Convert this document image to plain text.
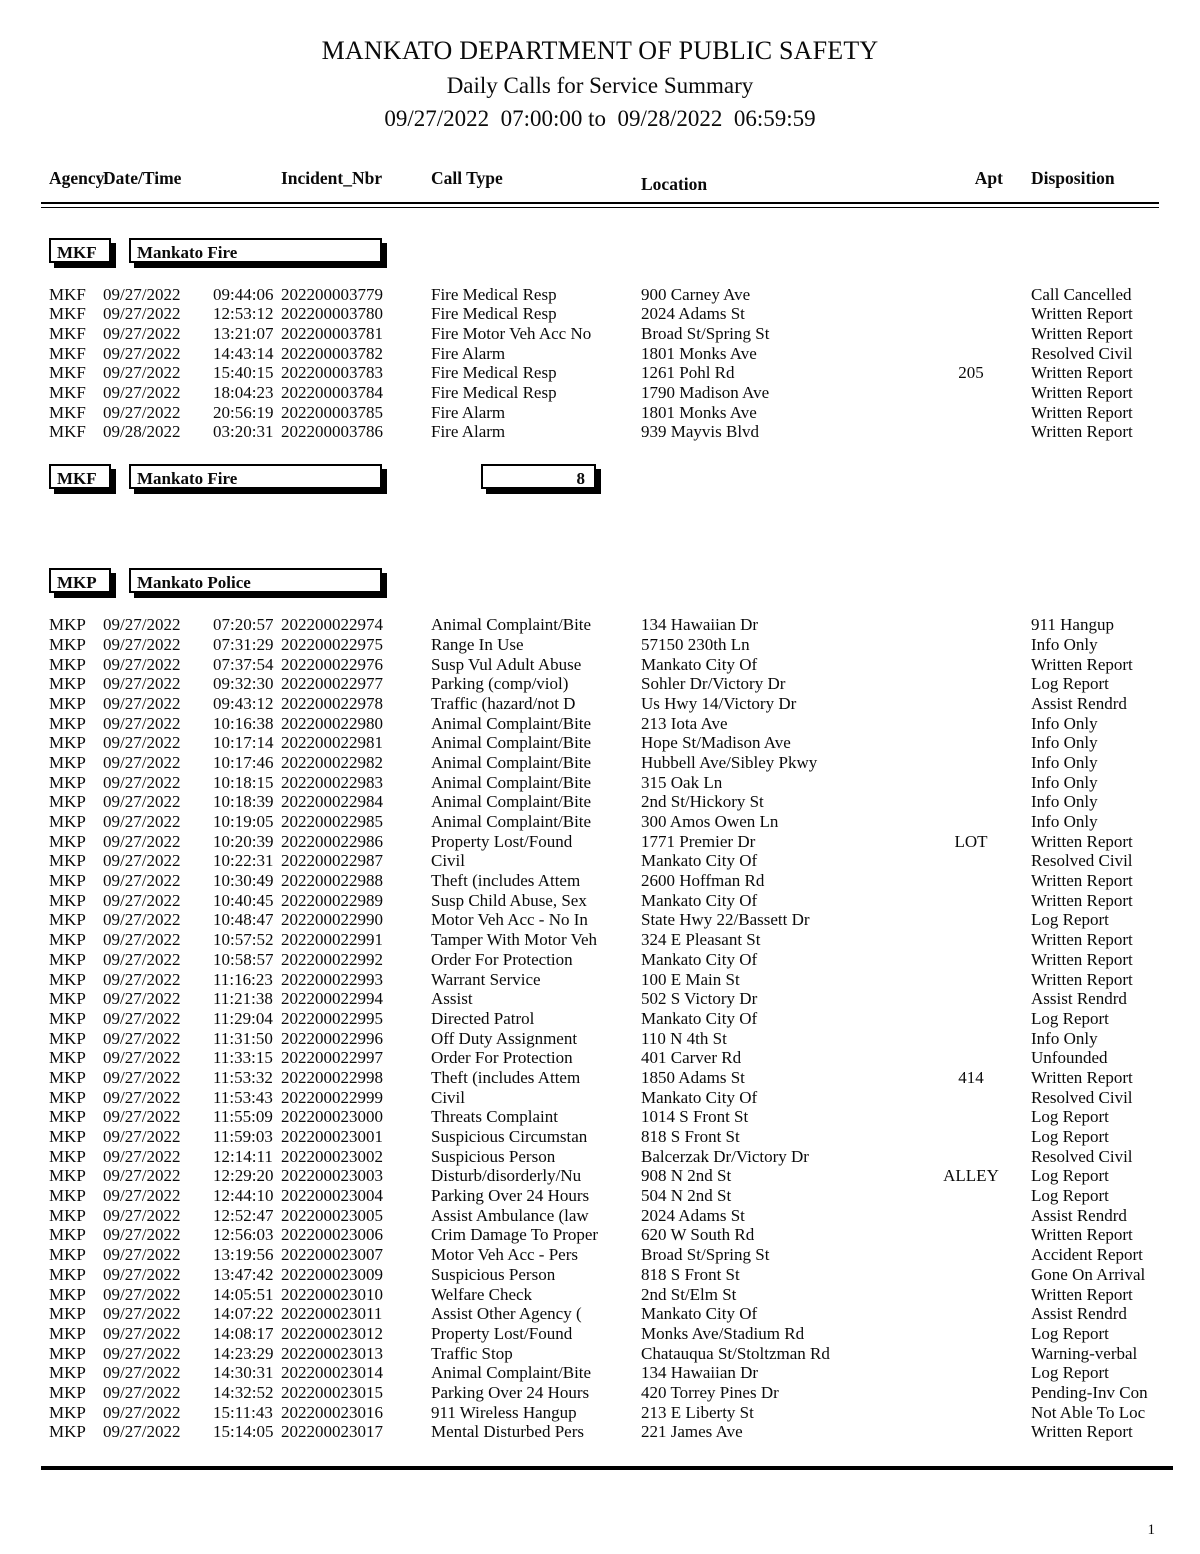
MANKATO DEPARTMENT OF PUBLIC SAFETY
Daily Calls for Service Summary
09/27/2022  07:00:00 to  09/28/2022  06:59:59
Agency
Date/Time	Incident_Nbr	Call Type	Location	Apt Disposition
MKF	Mankato Fire
MKF 09/27/2022 09:44:06 202200003779	Fire Medical Resp	900 Carney Ave	Call Cancelled
MKF 09/27/2022 12:53:12 202200003780	Fire Medical Resp	2024 Adams St	Written Report
MKF 09/27/2022 13:21:07 202200003781	Fire Motor Veh Acc No	Broad St/Spring St	Written Report
MKF 09/27/2022 14:43:14 202200003782	Fire Alarm	1801 Monks Ave	Resolved Civil
MKF 09/27/2022 15:40:15 202200003783	Fire Medical Resp	1261 Pohl Rd	205	Written Report
MKF 09/27/2022 18:04:23 202200003784	Fire Medical Resp	1790 Madison Ave	Written Report
MKF 09/27/2022 20:56:19 202200003785	Fire Alarm	1801 Monks Ave	Written Report
MKF 09/28/2022 03:20:31 202200003786	Fire Alarm	939 Mayvis Blvd	Written Report
MKF	Mankato Fire	8
MKP	Mankato Police
MKP 09/27/2022 07:20:57 202200022974	Animal Complaint/Bite	134 Hawaiian Dr	911 Hangup
MKP 09/27/2022 07:31:29 202200022975	Range In Use	57150 230th Ln	Info Only
MKP 09/27/2022 07:37:54 202200022976	Susp Vul Adult Abuse	Mankato City Of	Written Report
MKP 09/27/2022 09:32:30 202200022977	Parking (comp/viol)	Sohler Dr/Victory Dr	Log Report
MKP 09/27/2022 09:43:12 202200022978	Traffic (hazard/not D	Us Hwy 14/Victory Dr	Assist Rendrd
MKP 09/27/2022 10:16:38 202200022980	Animal Complaint/Bite	213 Iota Ave	Info Only
MKP 09/27/2022 10:17:14 202200022981	Animal Complaint/Bite	Hope St/Madison Ave	Info Only
MKP 09/27/2022 10:17:46 202200022982	Animal Complaint/Bite	Hubbell Ave/Sibley Pkwy	Info Only
MKP 09/27/2022 10:18:15 202200022983	Animal Complaint/Bite	315 Oak Ln	Info Only
MKP 09/27/2022 10:18:39 202200022984	Animal Complaint/Bite	2nd St/Hickory St	Info Only
MKP 09/27/2022 10:19:05 202200022985	Animal Complaint/Bite	300 Amos Owen Ln	Info Only
MKP 09/27/2022 10:20:39 202200022986	Property Lost/Found	1771 Premier Dr	LOT	Written Report
MKP 09/27/2022 10:22:31 202200022987	Civil	Mankato City Of	Resolved Civil
MKP 09/27/2022 10:30:49 202200022988	Theft (includes Attem	2600 Hoffman Rd	Written Report
MKP 09/27/2022 10:40:45 202200022989	Susp Child Abuse, Sex	Mankato City Of	Written Report
MKP 09/27/2022 10:48:47 202200022990	Motor Veh Acc - No In	State Hwy 22/Bassett Dr	Log Report
MKP 09/27/2022 10:57:52 202200022991	Tamper With Motor Veh	324 E Pleasant St	Written Report
MKP 09/27/2022 10:58:57 202200022992	Order For Protection	Mankato City Of	Written Report
MKP 09/27/2022 11:16:23 202200022993	Warrant Service	100 E Main St	Written Report
MKP 09/27/2022 11:21:38 202200022994	Assist	502 S Victory Dr	Assist Rendrd
MKP 09/27/2022 11:29:04 202200022995	Directed Patrol	Mankato City Of	Log Report
MKP 09/27/2022 11:31:50 202200022996	Off Duty Assignment	110 N 4th St	Info Only
MKP 09/27/2022 11:33:15 202200022997	Order For Protection	401 Carver Rd	Unfounded
MKP 09/27/2022 11:53:32 202200022998	Theft (includes Attem	1850 Adams St	414	Written Report
MKP 09/27/2022 11:53:43 202200022999	Civil	Mankato City Of	Resolved Civil
MKP 09/27/2022 11:55:09 202200023000	Threats Complaint	1014 S Front St	Log Report
MKP 09/27/2022 11:59:03 202200023001	Suspicious Circumstan	818 S Front St	Log Report
MKP 09/27/2022 12:14:11 202200023002	Suspicious Person	Balcerzak Dr/Victory Dr	Resolved Civil
MKP 09/27/2022 12:29:20 202200023003	Disturb/disorderly/Nu	908 N 2nd St	ALLEY	Log Report
MKP 09/27/2022 12:44:10 202200023004	Parking Over 24 Hours	504 N 2nd St	Log Report
MKP 09/27/2022 12:52:47 202200023005	Assist Ambulance (law	2024 Adams St	Assist Rendrd
MKP 09/27/2022 12:56:03 202200023006	Crim Damage To Proper	620 W South Rd	Written Report
MKP 09/27/2022 13:19:56 202200023007	Motor Veh Acc - Pers	Broad St/Spring St	Accident Report
MKP 09/27/2022 13:47:42 202200023009	Suspicious Person	818 S Front St	Gone On Arrival
MKP 09/27/2022 14:05:51 202200023010	Welfare Check	2nd St/Elm St	Written Report
MKP 09/27/2022 14:07:22 202200023011	Assist Other Agency (	Mankato City Of	Assist Rendrd
MKP 09/27/2022 14:08:17 202200023012	Property Lost/Found	Monks Ave/Stadium Rd	Log Report
MKP 09/27/2022 14:23:29 202200023013	Traffic Stop	Chatauqua St/Stoltzman Rd	Warning-verbal
MKP 09/27/2022 14:30:31 202200023014	Animal Complaint/Bite	134 Hawaiian Dr	Log Report
MKP 09/27/2022 14:32:52 202200023015	Parking Over 24 Hours	420 Torrey Pines Dr	Pending-Inv Con
MKP 09/27/2022 15:11:43 202200023016	911 Wireless Hangup	213 E Liberty St	Not Able To Loc
MKP 09/27/2022 15:14:05 202200023017	Mental Disturbed Pers	221 James Ave	Written Report
1
